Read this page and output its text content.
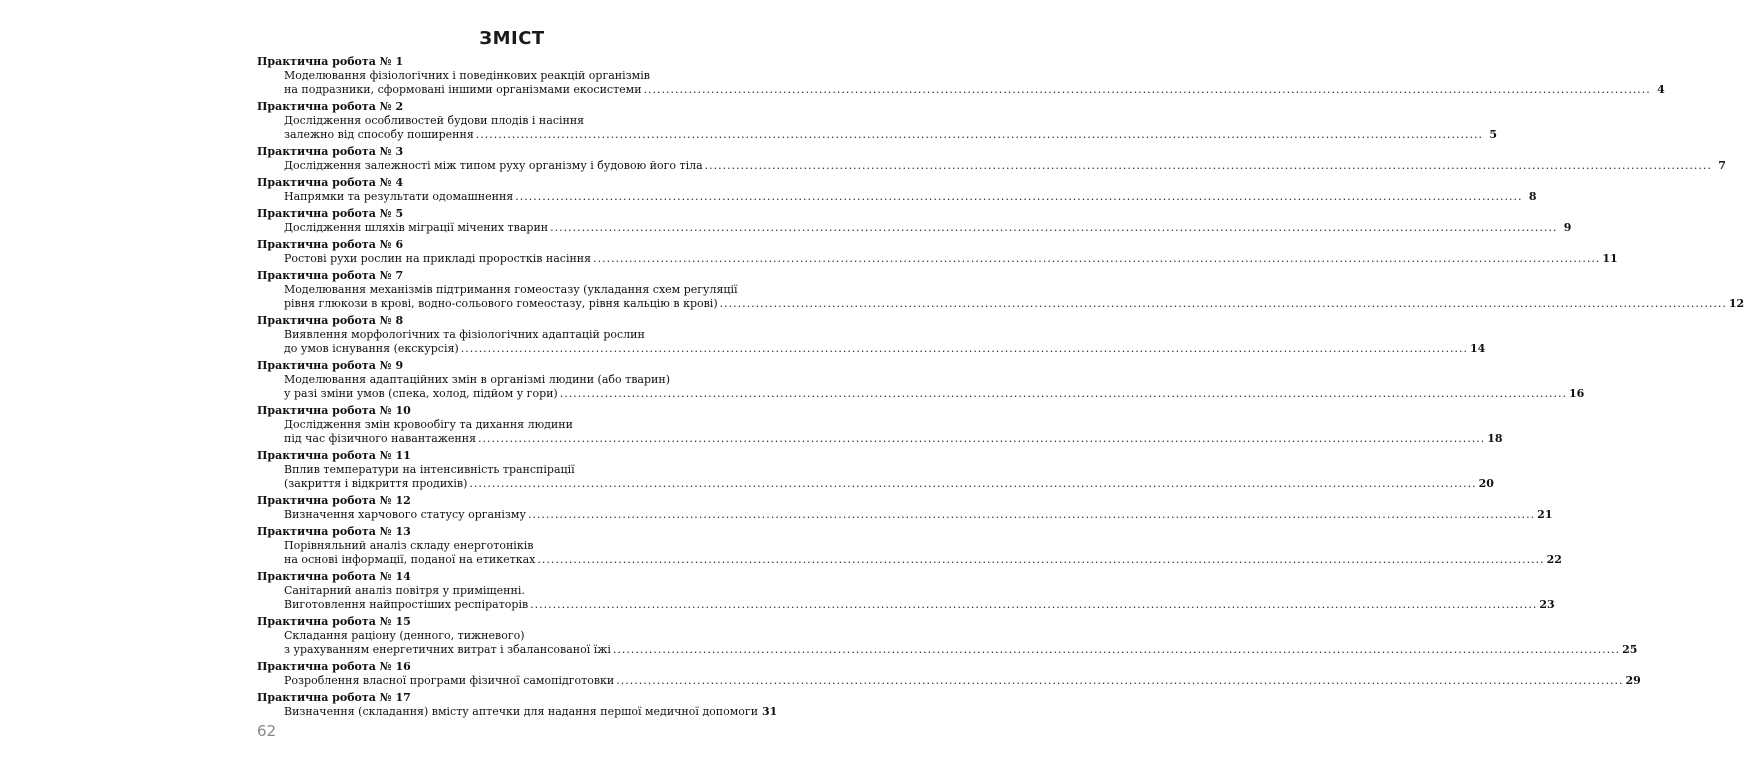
ЗМІСТ
Практична робота № 1
Моделювання фізіологічних і поведінкових реакцій організмів
на подразники, сформовані іншими організмами екосистеми .....	4
Практична робота № 2
Дослідження особливостей будови плодів і насіння
залежно від способу поширення .....	5
Практична робота № 3
Дослідження залежності між типом руху організму і будовою його тіла .....	7
Практична робота № 4
Напрямки та результати одомашнення .....	8
Практична робота № 5
Дослідження шляхів міграції мічених тварин .....	9
Практична робота № 6
Ростові рухи рослин на прикладі проростків насіння .....	11
Практична робота № 7
Моделювання механізмів підтримання гомеостазу (укладання схем регуляції
рівня глюкози в крові, водно-сольового гомеостазу, рівня кальцію в крові) .....	12
Практична робота № 8
Виявлення морфологічних та фізіологічних адаптацій рослин
до умов існування (екскурсія) .....	14
Практична робота № 9
Моделювання адаптаційних змін в організмі людини (або тварин)
у разі зміни умов (спека, холод, підйом у гори) .....	16
Практична робота № 10
Дослідження змін кровообігу та дихання людини
під час фізичного навантаження .....	18
Практична робота № 11
Вплив температури на інтенсивність транспірації
(закриття і відкриття продихів) .....	20
Практична робота № 12
Визначення харчового статусу організму .....	21
Практична робота № 13
Порівняльний аналіз складу енерготоніків
на основі інформації, поданої на етикетках .....	22
Практична робота № 14
Санітарний аналіз повітря у приміщенні.
Виготовлення найпростіших респіраторів .....	23
Практична робота № 15
Складання раціону (денного, тижневого)
з урахуванням енергетичних витрат і збалансованої їжі .....	25
Практична робота № 16
Розроблення власної програми фізичної самопідготовки .....	29
Практична робота № 17
Визначення (складання) вмісту аптечки для надання першої медичної допомоги 31
62
